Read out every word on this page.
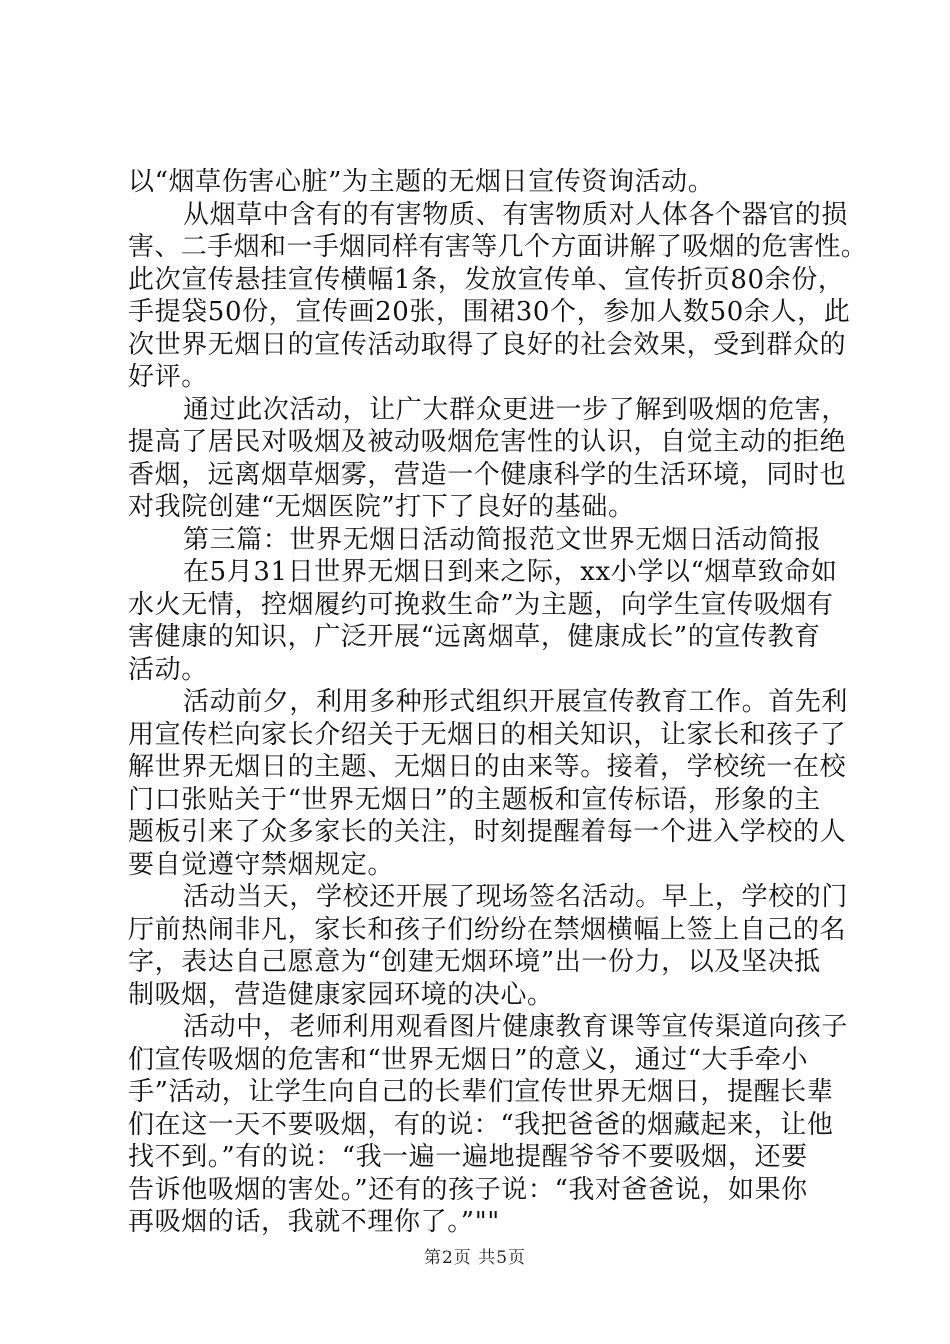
以“烟草伤害心脏”为主题的无烟日宣传资询活动。
从烟草中含有的有害物质、有害物质对人体各个器官的损
害、二手烟和一手烟同样有害等几个方面讲解了吸烟的危害性。
此次宣传悬挂宣传横幅1条，发放宣传单、宣传折页80余份，
手提袋50份，宣传画20张，围裙30个，参加人数50余人，此
次世界无烟日的宣传活动取得了良好的社会效果，受到群众的
好评。
通过此次活动，让广大群众更进一步了解到吸烟的危害，
提高了居民对吸烟及被动吸烟危害性的认识，自觉主动的拒绝
香烟，远离烟草烟雾，营造一个健康科学的生活环境，同时也
对我院创建“无烟医院”打下了良好的基础。
第三篇：世界无烟日活动简报范文世界无烟日活动简报
在5月31日世界无烟日到来之际，xx小学以“烟草致命如
水火无情，控烟履约可挽救生命”为主题，向学生宣传吸烟有
害健康的知识，广泛开展“远离烟草，健康成长”的宣传教育
活动。
活动前夕，利用多种形式组织开展宣传教育工作。首先利
用宣传栏向家长介绍关于无烟日的相关知识，让家长和孩子了
解世界无烟日的主题、无烟日的由来等。接着，学校统一在校
门口张贴关于“世界无烟日”的主题板和宣传标语，形象的主
题板引来了众多家长的关注，时刻提醒着每一个进入学校的人
要自觉遵守禁烟规定。
活动当天，学校还开展了现场签名活动。早上，学校的门
厅前热闹非凡，家长和孩子们纷纷在禁烟横幅上签上自己的名
字，表达自己愿意为“创建无烟环境”出一份力，以及坚决抵
制吸烟，营造健康家园环境的决心。
活动中，老师利用观看图片健康教育课等宣传渠道向孩子
们宣传吸烟的危害和“世界无烟日”的意义，通过“大手牵小
手”活动，让学生向自己的长辈们宣传世界无烟日，提醒长辈
们在这一天不要吸烟，有的说：“我把爸爸的烟藏起来，让他
找不到。”有的说：“我一遍一遍地提醒爷爷不要吸烟，还要
告诉他吸烟的害处。”还有的孩子说：“我对爸爸说，如果你
再吸烟的话，我就不理你了。”""
第2页 共5页
